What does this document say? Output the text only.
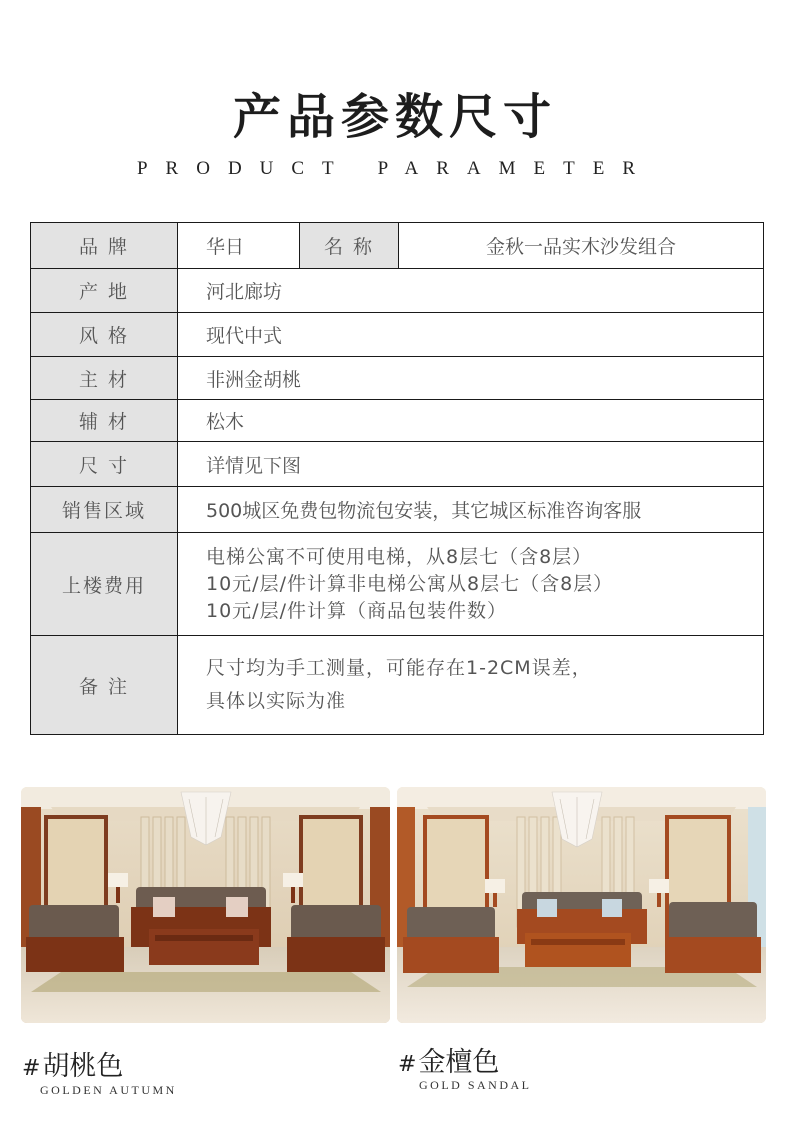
产品参数尺寸
PRODUCT PARAMETER
品 牌	华日	名 称	金秋一品实木沙发组合
产 地	河北廊坊		
风 格	现代中式		
主 材	非洲金胡桃		
辅 材	松木		
尺 寸	详情见下图		
销售区域	500城区免费包物流包安装，其它城区标准咨询客服		
上楼费用	电梯公寓不可使用电梯，从8层七（含8层）
10元/层/件计算非电梯公寓从8层七（含8层）
10元/层/件计算（商品包装件数）		

备 注	尺寸均为手工测量，可能存在1-2CM误差，
具体以实际为准		
#胡桃色
GOLDEN AUTUMN
#金檀色
GOLD SANDAL
